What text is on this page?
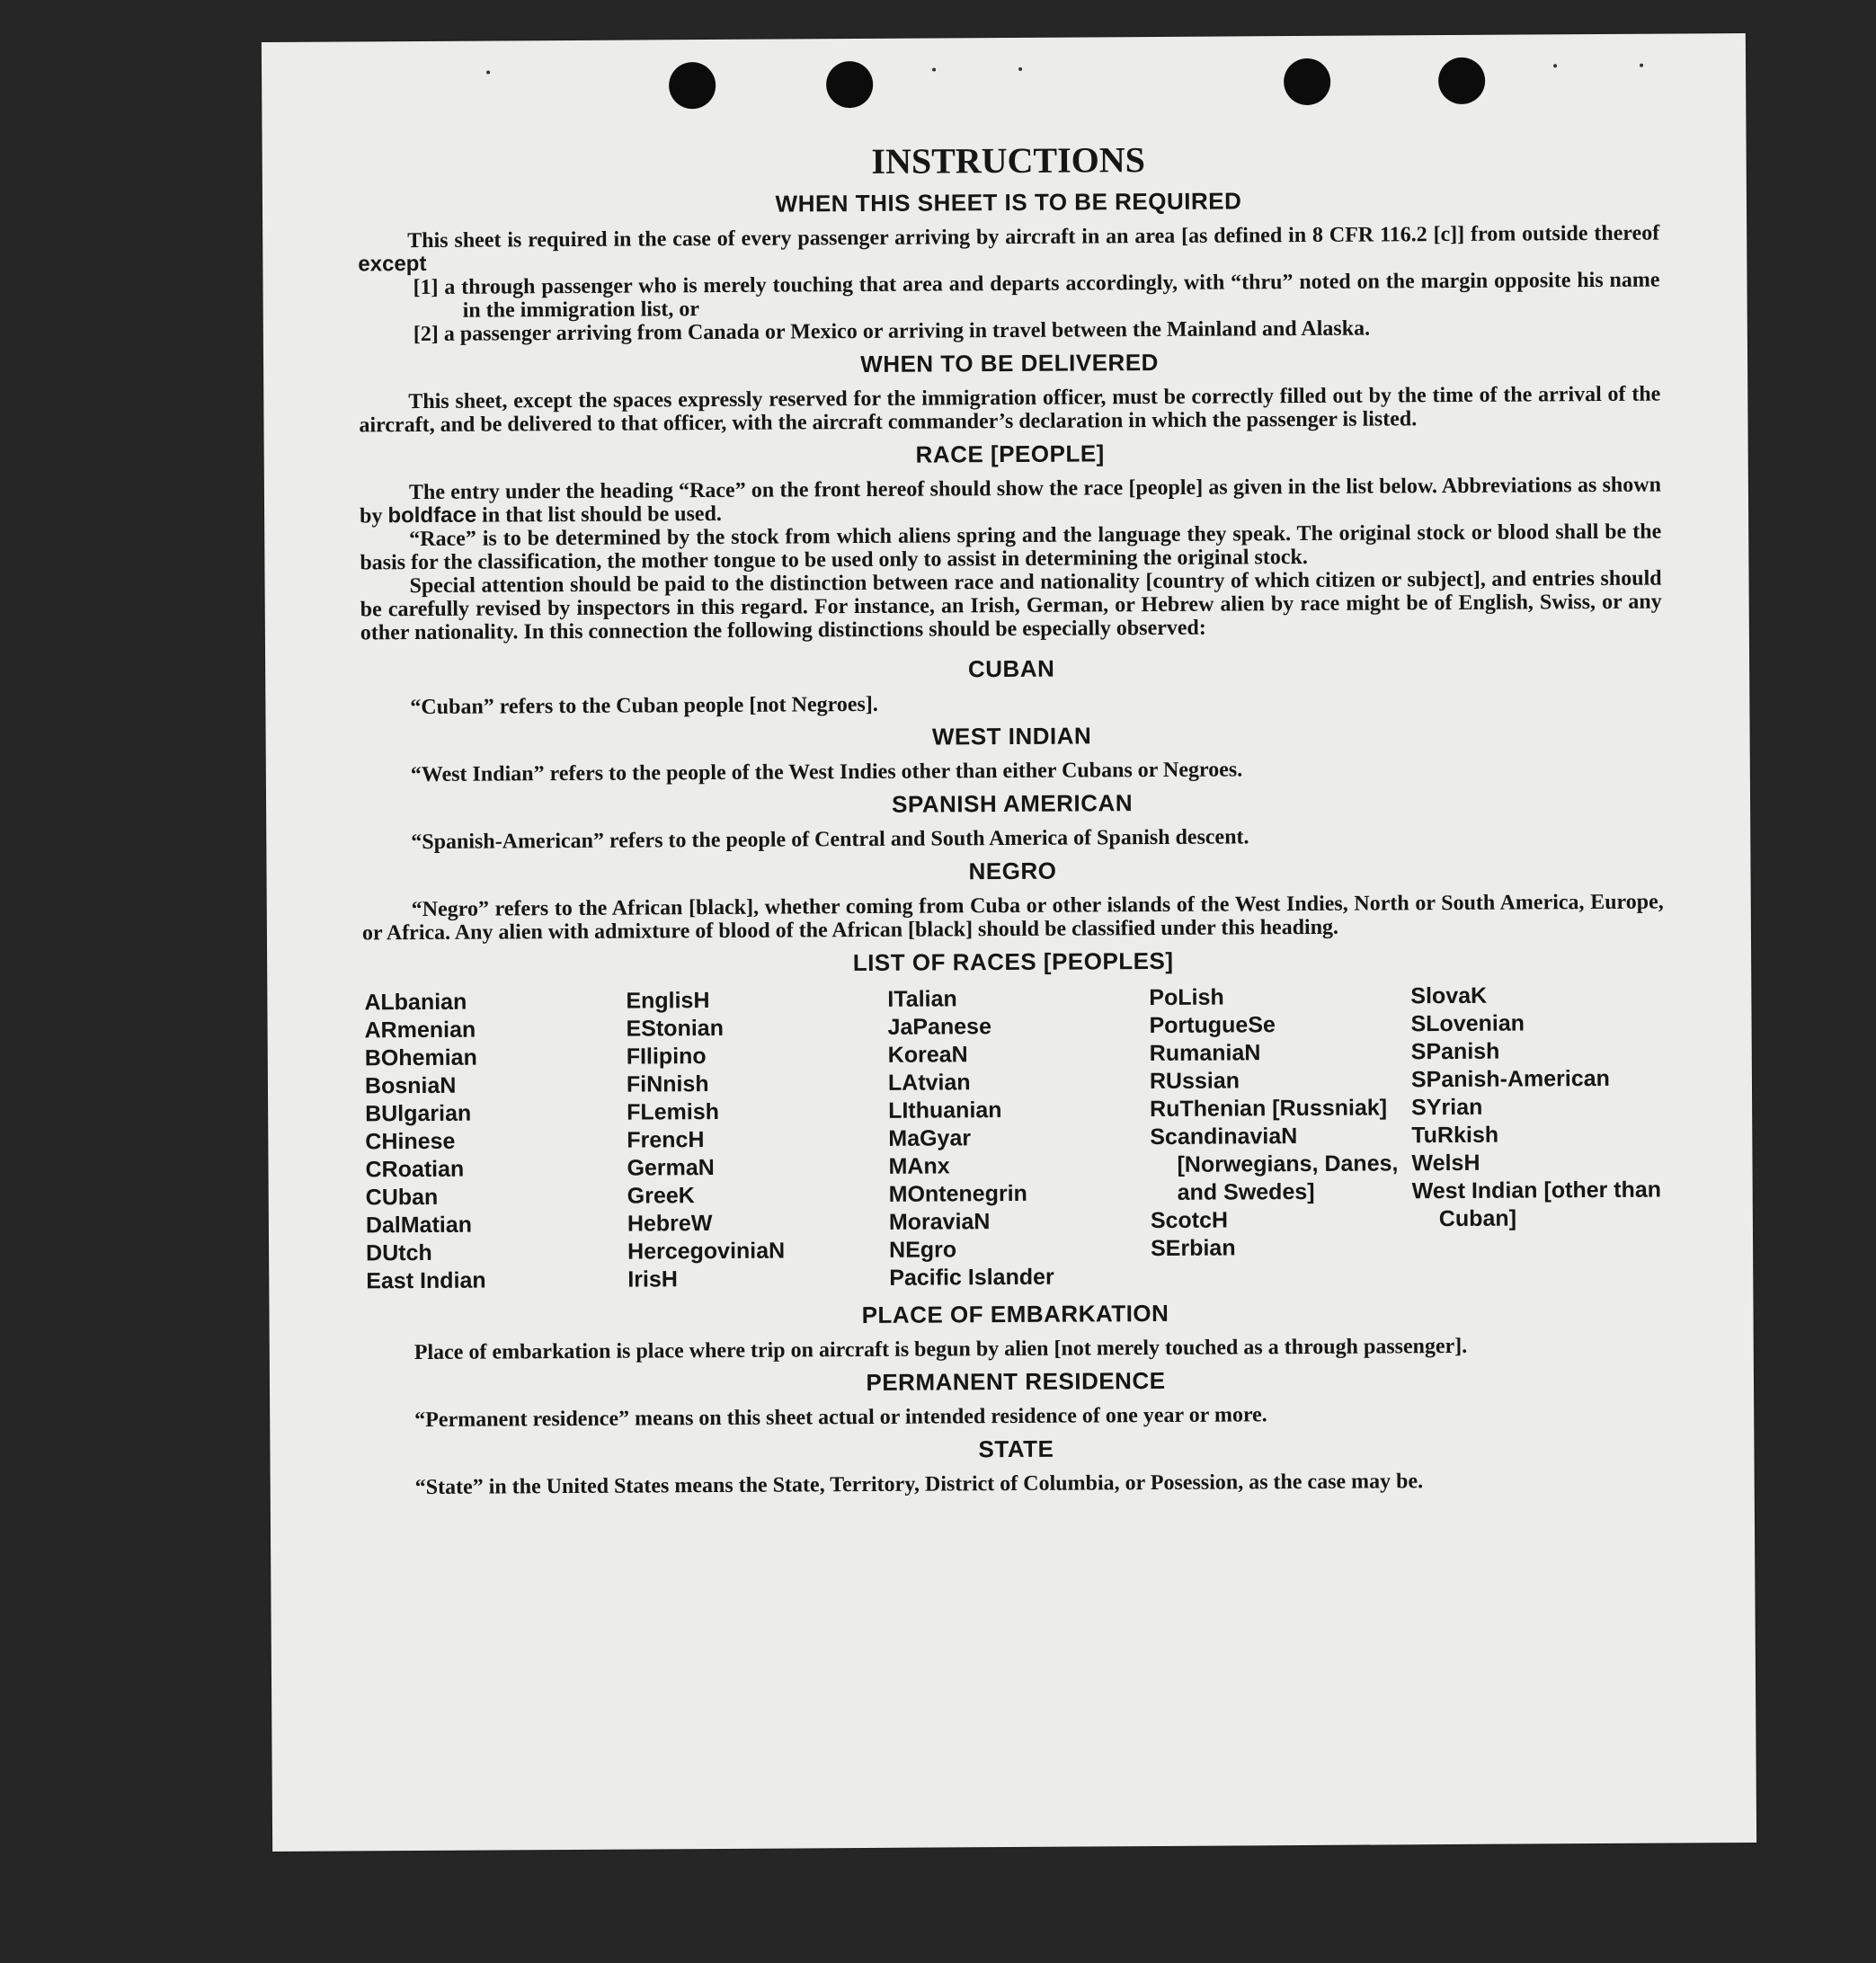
INSTRUCTIONS
WHEN THIS SHEET IS TO BE REQUIRED

This sheet is required in the case of every passenger arriving by aircraft in an area [as defined in 8 CFR 116.2 [c]] from outside thereof except

[1] a through passenger who is merely touching that area and departs accordingly, with “thru” noted on the margin opposite his name in the immigration list, or
[2] a passenger arriving from Canada or Mexico or arriving in travel between the Mainland and Alaska.
WHEN TO BE DELIVERED

This sheet, except the spaces expressly reserved for the immigration officer, must be correctly filled out by the time of the arrival of the aircraft, and be delivered to that officer, with the aircraft commander’s declaration in which the passenger is listed.

RACE [PEOPLE]

The entry under the heading “Race” on the front hereof should show the race [people] as given in the list below. Abbreviations as shown by boldface in that list should be used.

“Race” is to be determined by the stock from which aliens spring and the language they speak. The original stock or blood shall be the basis for the classification, the mother tongue to be used only to assist in determining the original stock.

Special attention should be paid to the distinction between race and nationality [country of which citizen or subject], and entries should be carefully revised by inspectors in this regard. For instance, an Irish, German, or Hebrew alien by race might be of English, Swiss, or any other nationality. In this connection the following distinctions should be especially observed:

CUBAN

“Cuban” refers to the Cuban people [not Negroes].

WEST INDIAN

“West Indian” refers to the people of the West Indies other than either Cubans or Negroes.

SPANISH AMERICAN

“Spanish-American” refers to the people of Central and South America of Spanish descent.

NEGRO

“Negro” refers to the African [black], whether coming from Cuba or other islands of the West Indies, North or South America, Europe, or Africa. Any alien with admixture of blood of the African [black] should be classified under this heading.

LIST OF RACES [PEOPLES]
ALbanian
ARmenian
BOhemian
BosniaN
BUlgarian
CHinese
CRoatian
CUban
DalMatian
DUtch
East Indian
EnglisH
EStonian
FIlipino
FiNnish
FLemish
FrencH
GermaN
GreeK
HebreW
HercegoviniaN
IrisH
ITalian
JaPanese
KoreaN
LAtvian
LIthuanian
MaGyar
MAnx
MOntenegrin
MoraviaN
NEgro
Pacific Islander
PoLish
PortugueSe
RumaniaN
RUssian
RuThenian [Russniak]
ScandinaviaN [Norwegians, Danes, and Swedes]
ScotcH
SErbian
SlovaK
SLovenian
SPanish
SPanish-American
SYrian
TuRkish
WelsH
West Indian [other than Cuban]
PLACE OF EMBARKATION

Place of embarkation is place where trip on aircraft is begun by alien [not merely touched as a through passenger].

PERMANENT RESIDENCE

“Permanent residence” means on this sheet actual or intended residence of one year or more.

STATE

“State” in the United States means the State, Territory, District of Columbia, or Posession, as the case may be.
